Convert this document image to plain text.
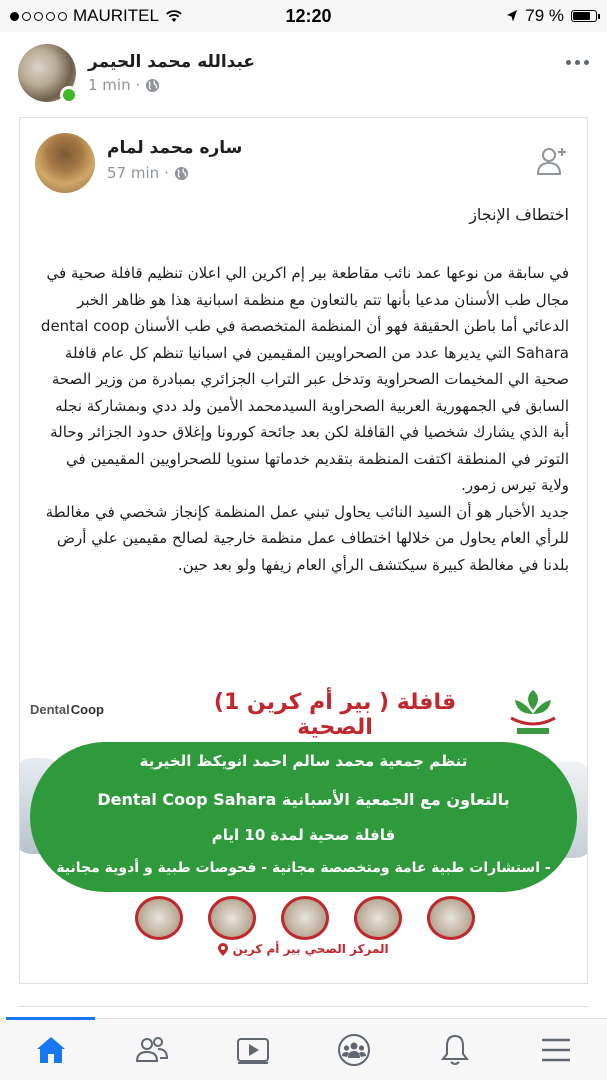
MAURITEL	12:20	79 %
عبدالله محمد الحيمر
1 min ·
ساره محمد لمام
57 min ·
اختطاف الإنجاز

في سابقة من نوعها عمد نائب مقاطعة بير إم اكرين الي اعلان تنظيم قافلة صحية في مجال طب الأسنان مدعيا بأنها تتم بالتعاون مع منظمة اسبانية هذا هو ظاهر الخبر الدعائي أما باطن الحقيقة فهو أن المنظمة المتخصصة في طب الأسنان dental coop Sahara التي يديرها عدد من الصحراويين المقيمين في اسبانيا تنظم كل عام قافلة صحية الي المخيمات الصحراوية وتدخل عبر التراب الجزائري بمبادرة من وزير الصحة السابق في الجمهورية العربية الصحراوية السيدمحمد الأمين ولد ددي وبمشاركة نجله أبة الذي يشارك شخصيا في القافلة لكن بعد جائحة كورونا وإغلاق حدود الجزائر وحالة التوتر في المنطقة اكتفت المنظمة بتقديم خدماتها سنويا للصحراويين المقيمين في ولاية تيرس زمور.

جديد الأخبار هو أن السيد النائب يحاول تبني عمل المنظمة كإنجاز شخصي في مغالطة للرأي العام يحاول من خلالها اختطاف عمل منظمة خارجية لصالح مقيمين علي أرض بلدنا في مغالطة كبيرة سيكتشف الرأي العام زيفها ولو بعد حين.

Dental Coop	قافلة ( بير أم كرين 1) الصحية
تنظم جمعية محمد سالم احمد انويكظ الخيرية
بالتعاون مع الجمعية الأسبانية Dental Coop Sahara
قافلة صحية لمدة 10 ايام
- استشارات طبية عامة ومتخصصة مجانية - فحوصات طبية و أدوية مجانية
المركز الصحي بير أم كرين
